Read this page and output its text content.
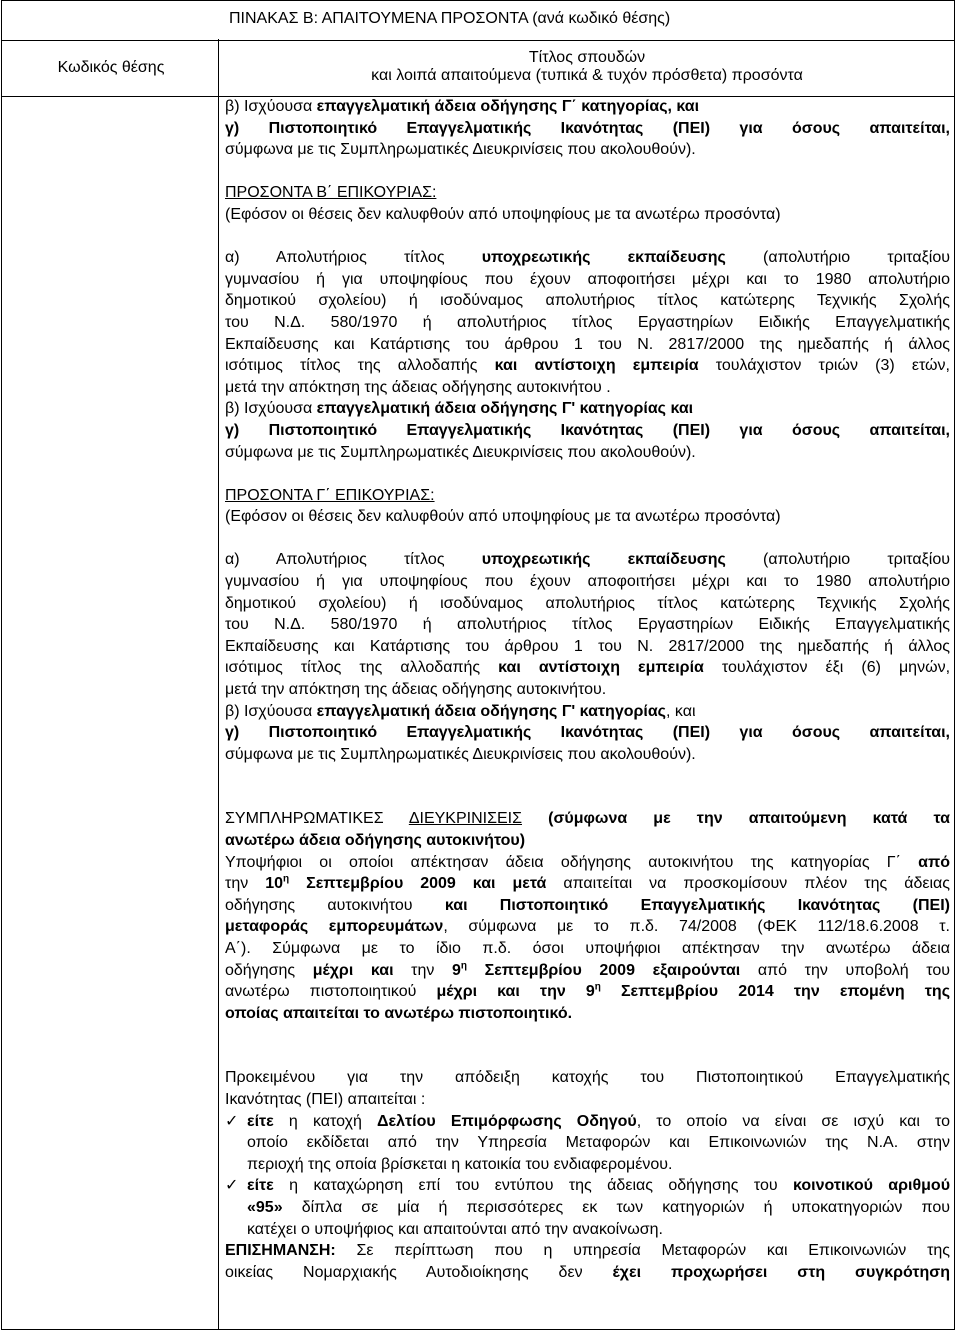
ΠΙΝΑΚΑΣ Β: ΑΠΑΙΤΟΥΜΕΝΑ ΠΡΟΣΟΝΤΑ (ανά κωδικό θέσης)
Κωδικός θέσης
Τίτλος σπουδών
και λοιπά απαιτούμενα (τυπικά & τυχόν πρόσθετα) προσόντα
β) Ισχύουσα επαγγελματική άδεια οδήγησης Γ΄ κατηγορίας, και
γ) Πιστοποιητικό Επαγγελματικής Ικανότητας (ΠΕΙ) για όσους απαιτείται,
σύμφωνα με τις Συμπληρωματικές Διευκρινίσεις που ακολουθούν).
ΠΡΟΣΟΝΤΑ Β΄ ΕΠΙΚΟΥΡΙΑΣ:
(Εφόσον οι θέσεις δεν καλυφθούν από υποψηφίους με τα ανωτέρω προσόντα)
α) Απολυτήριος τίτλος υποχρεωτικής εκπαίδευσης (απολυτήριο τριταξίου
γυμνασίου ή για υποψηφίους που έχουν αποφοιτήσει μέχρι και το 1980 απολυτήριο
δημοτικού σχολείου) ή ισοδύναμος απολυτήριος τίτλος κατώτερης Τεχνικής Σχολής
του Ν.Δ. 580/1970 ή απολυτήριος τίτλος Εργαστηρίων Ειδικής Επαγγελματικής
Εκπαίδευσης και Κατάρτισης του άρθρου 1 του Ν. 2817/2000 της ημεδαπής ή άλλος
ισότιμος τίτλος της αλλοδαπής και αντίστοιχη εμπειρία τουλάχιστον τριών (3) ετών,
μετά την απόκτηση της άδειας οδήγησης αυτοκινήτου .
β) Ισχύουσα επαγγελματική άδεια οδήγησης Γ' κατηγορίας και
γ) Πιστοποιητικό Επαγγελματικής Ικανότητας (ΠΕΙ) για όσους απαιτείται,
σύμφωνα με τις Συμπληρωματικές Διευκρινίσεις που ακολουθούν).
ΠΡΟΣΟΝΤΑ Γ΄ ΕΠΙΚΟΥΡΙΑΣ:
(Εφόσον οι θέσεις δεν καλυφθούν από υποψηφίους με τα ανωτέρω προσόντα)
α) Απολυτήριος τίτλος υποχρεωτικής εκπαίδευσης (απολυτήριο τριταξίου
γυμνασίου ή για υποψηφίους που έχουν αποφοιτήσει μέχρι και το 1980 απολυτήριο
δημοτικού σχολείου) ή ισοδύναμος απολυτήριος τίτλος κατώτερης Τεχνικής Σχολής
του Ν.Δ. 580/1970 ή απολυτήριος τίτλος Εργαστηρίων Ειδικής Επαγγελματικής
Εκπαίδευσης και Κατάρτισης του άρθρου 1 του Ν. 2817/2000 της ημεδαπής ή άλλος
ισότιμος τίτλος της αλλοδαπής και αντίστοιχη εμπειρία τουλάχιστον έξι (6) μηνών,
μετά την απόκτηση της άδειας οδήγησης αυτοκινήτου.
β) Ισχύουσα επαγγελματική άδεια οδήγησης Γ' κατηγορίας, και
γ) Πιστοποιητικό Επαγγελματικής Ικανότητας (ΠΕΙ) για όσους απαιτείται,
σύμφωνα με τις Συμπληρωματικές Διευκρινίσεις που ακολουθούν).
ΣΥΜΠΛΗΡΩΜΑΤΙΚΕΣ ΔΙΕΥΚΡΙΝΙΣΕΙΣ (σύμφωνα με την απαιτούμενη κατά τα
ανωτέρω άδεια οδήγησης αυτοκινήτου)
Υποψήφιοι οι οποίοι απέκτησαν άδεια οδήγησης αυτοκινήτου της κατηγορίας Γ΄ από
την $10^\eta$ Σεπτεμβρίου 2009 και μετά απαιτείται να προσκομίσουν πλέον της άδειας
οδήγησης αυτοκινήτου και Πιστοποιητικό Επαγγελματικής Ικανότητας (ΠΕΙ)
μεταφοράς εμπορευμάτων, σύμφωνα με το π.δ. 74/2008 (ΦΕΚ 112/18.6.2008 τ.
Α΄). Σύμφωνα με το ίδιο π.δ. όσοι υποψήφιοι απέκτησαν την ανωτέρω άδεια
οδήγησης μέχρι και την $9^\eta$ Σεπτεμβρίου 2009 εξαιρούνται από την υποβολή του
ανωτέρω πιστοποιητικού μέχρι και την $9^\eta$ Σεπτεμβρίου 2014 την επομένη της
οποίας απαιτείται το ανωτέρω πιστοποιητικό.
Προκειμένου για την απόδειξη κατοχής του Πιστοποιητικού Επαγγελματικής
Ικανότητας (ΠΕΙ) απαιτείται :
✓ είτε η κατοχή Δελτίου Επιμόρφωσης Οδηγού, το οποίο να είναι σε ισχύ και το
οποίο εκδίδεται από την Υπηρεσία Μεταφορών και Επικοινωνιών της Ν.Α. στην
περιοχή της οποία βρίσκεται η κατοικία του ενδιαφερομένου.
✓ είτε η καταχώρηση επί του εντύπου της άδειας οδήγησης του κοινοτικού αριθμού
«95» δίπλα σε μία ή περισσότερες εκ των κατηγοριών ή υποκατηγοριών που
κατέχει ο υποψήφιος και απαιτούνται από την ανακοίνωση.
ΕΠΙΣΗΜΑΝΣΗ: Σε περίπτωση που η υπηρεσία Μεταφορών και Επικοινωνιών της
οικείας Νομαρχιακής Αυτοδιοίκησης δεν έχει προχωρήσει στη συγκρότηση
